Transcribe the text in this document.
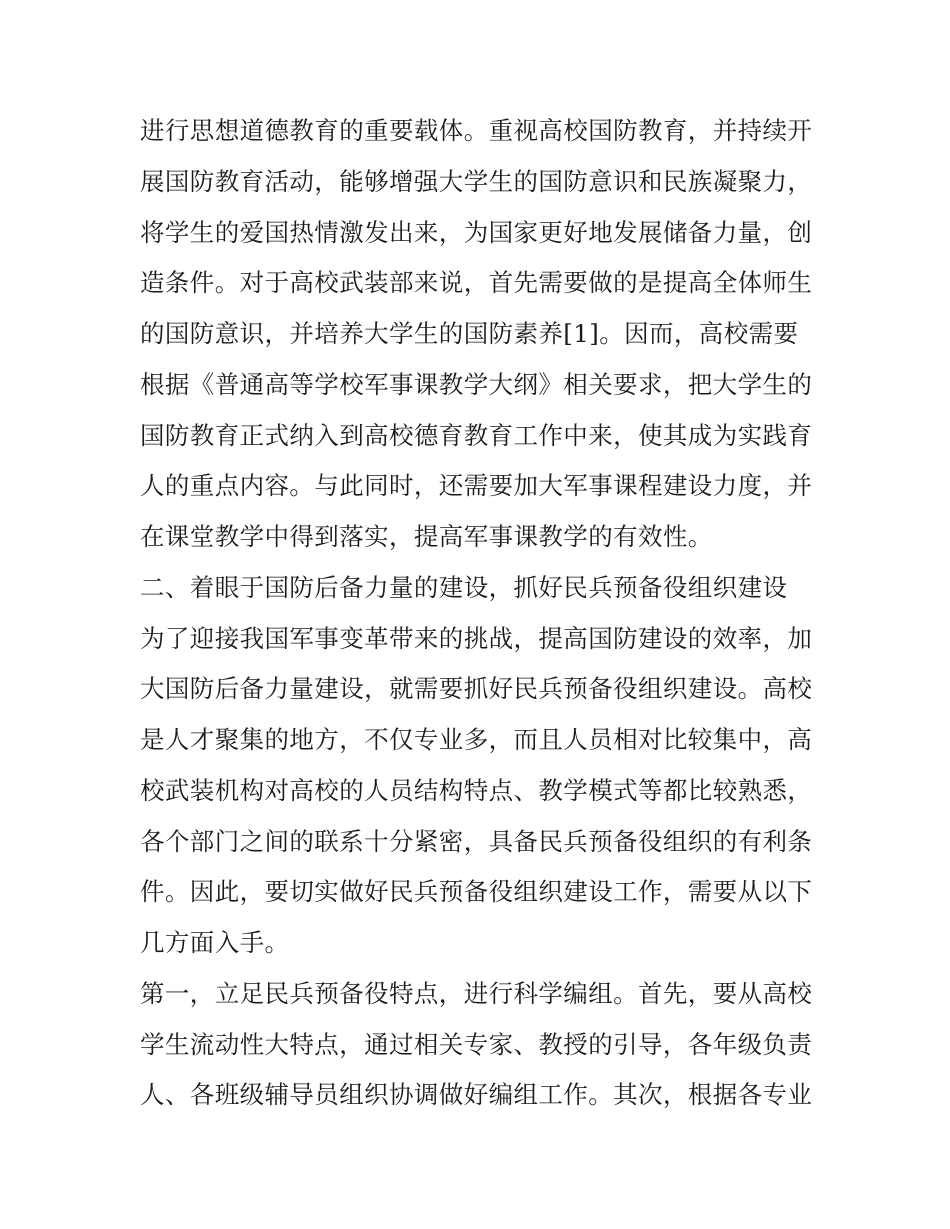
进行思想道德教育的重要载体。重视高校国防教育，并持续开
展国防教育活动，能够增强大学生的国防意识和民族凝聚力，
将学生的爱国热情激发出来，为国家更好地发展储备力量，创
造条件。对于高校武装部来说，首先需要做的是提高全体师生
的国防意识，并培养大学生的国防素养[1]。因而，高校需要
根据《普通高等学校军事课教学大纲》相关要求，把大学生的
国防教育正式纳入到高校德育教育工作中来，使其成为实践育
人的重点内容。与此同时，还需要加大军事课程建设力度，并
在课堂教学中得到落实，提高军事课教学的有效性。
二、着眼于国防后备力量的建设，抓好民兵预备役组织建设
为了迎接我国军事变革带来的挑战，提高国防建设的效率，加
大国防后备力量建设，就需要抓好民兵预备役组织建设。高校
是人才聚集的地方，不仅专业多，而且人员相对比较集中，高
校武装机构对高校的人员结构特点、教学模式等都比较熟悉，
各个部门之间的联系十分紧密，具备民兵预备役组织的有利条
件。因此，要切实做好民兵预备役组织建设工作，需要从以下
几方面入手。
第一，立足民兵预备役特点，进行科学编组。首先，要从高校
学生流动性大特点，通过相关专家、教授的引导，各年级负责
人、各班级辅导员组织协调做好编组工作。其次，根据各专业
